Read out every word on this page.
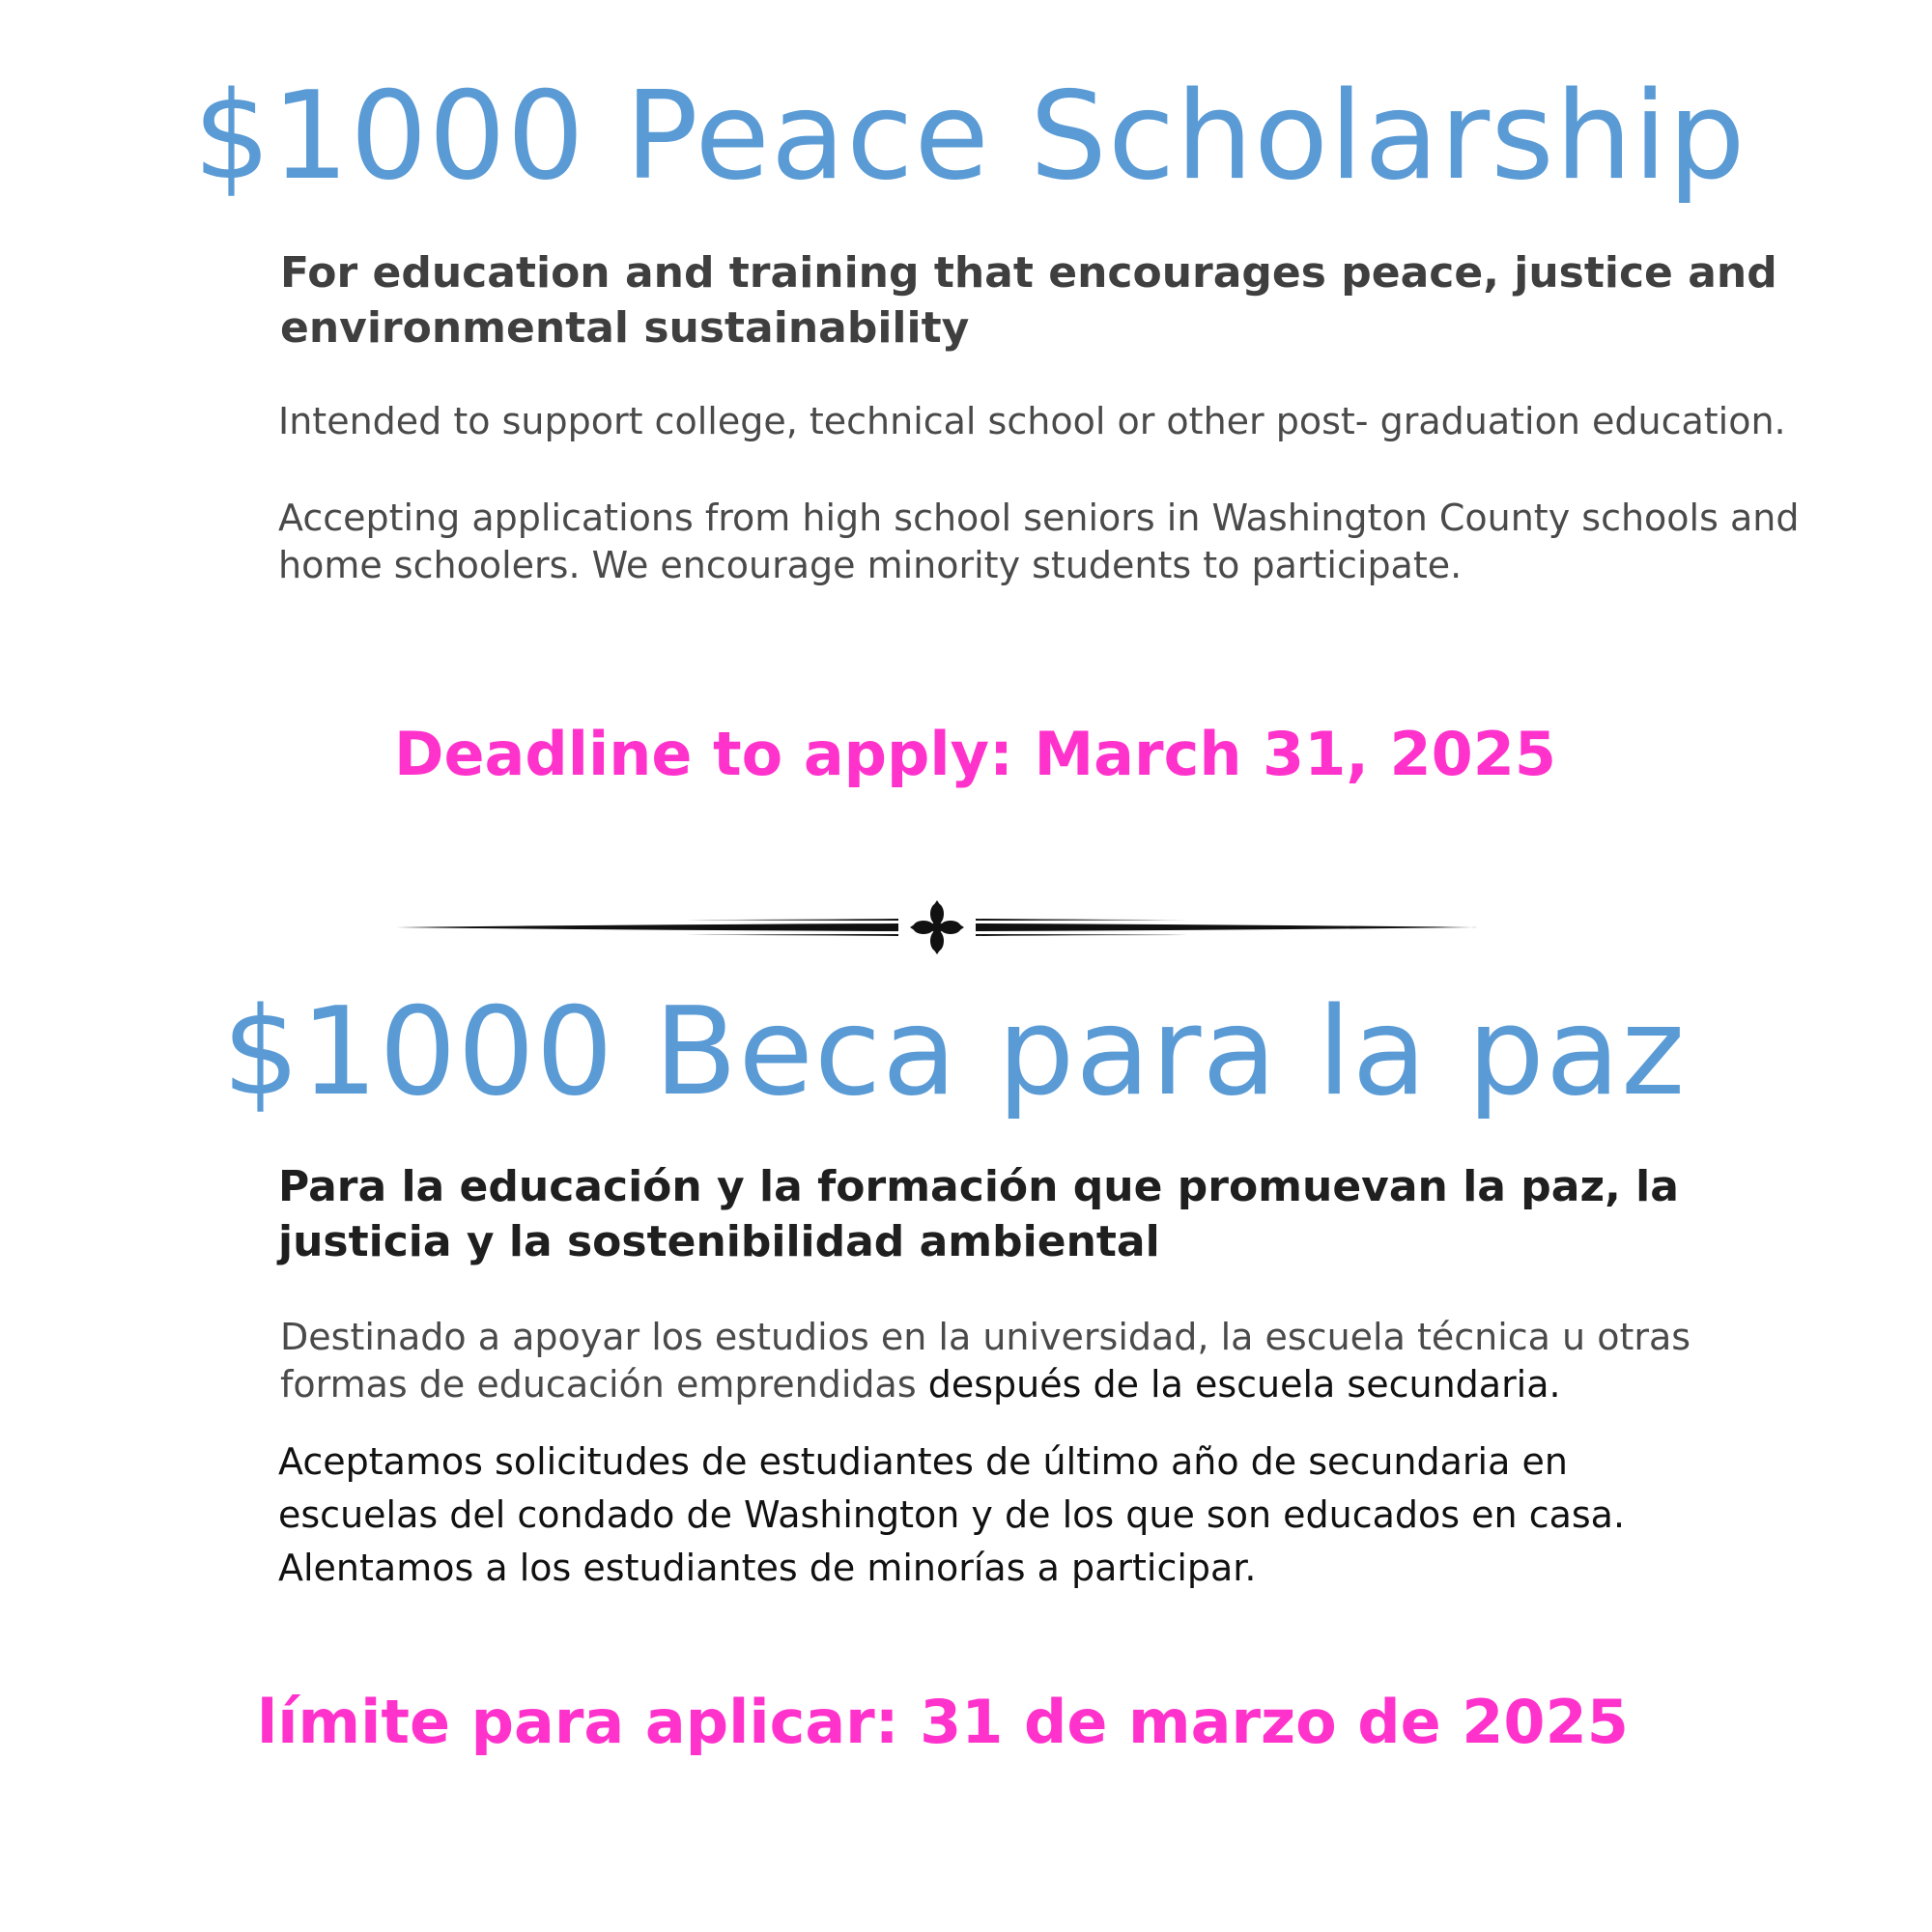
$1000 Peace Scholarship

For education and training that encourages peace, justice and environmental sustainability

Intended to support college, technical school or other post- graduation education.

Accepting applications from high school seniors in Washington County schools and
home schoolers. We encourage minority students to participate.

Deadline to apply: March 31, 2025

$1000 Beca para la paz

Para la educación y la formación que promuevan la paz, la justicia y la sostenibilidad ambiental

Destinado a apoyar los estudios en la universidad, la escuela técnica u otras
formas de educación emprendidas después de la escuela secundaria.
Aceptamos solicitudes de estudiantes de último año de secundaria en
escuelas del condado de Washington y de los que son educados en casa.
Alentamos a los estudiantes de minorías a participar.

límite para aplicar: 31 de marzo de 2025
